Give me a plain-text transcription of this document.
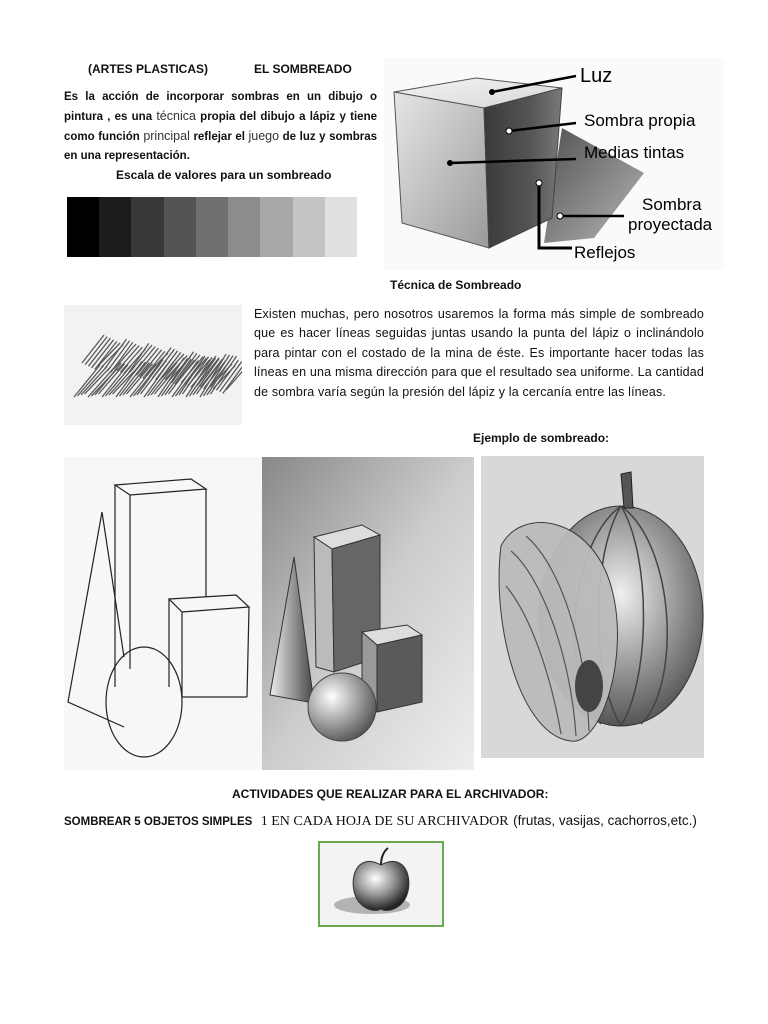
(ARTES PLASTICAS)	EL SOMBREADO
Es la acción de incorporar sombras en un dibujo o pintura , es una técnica propia del dibujo a lápiz y tiene como función principal reflejar el juego de luz y sombras en una representación.
Escala de valores para un sombreado
Luz
Sombra propia
Medias tintas
Sombra
proyectada
Reflejos
Técnica de Sombreado
Existen muchas, pero nosotros usaremos la forma más simple de sombreado que es hacer líneas seguidas juntas usando la punta del lápiz o inclinándolo para pintar con el costado de la mina de éste. Es importante hacer todas las líneas en una misma dirección para que el resultado sea uniforme. La cantidad de sombra varía según la presión del lápiz y la cercanía entre las líneas.
Ejemplo de sombreado:
ACTIVIDADES QUE REALIZAR PARA EL ARCHIVADOR:
SOMBREAR 5 OBJETOS SIMPLES 1 EN CADA HOJA DE SU ARCHIVADOR (frutas, vasijas, cachorros,etc.)
